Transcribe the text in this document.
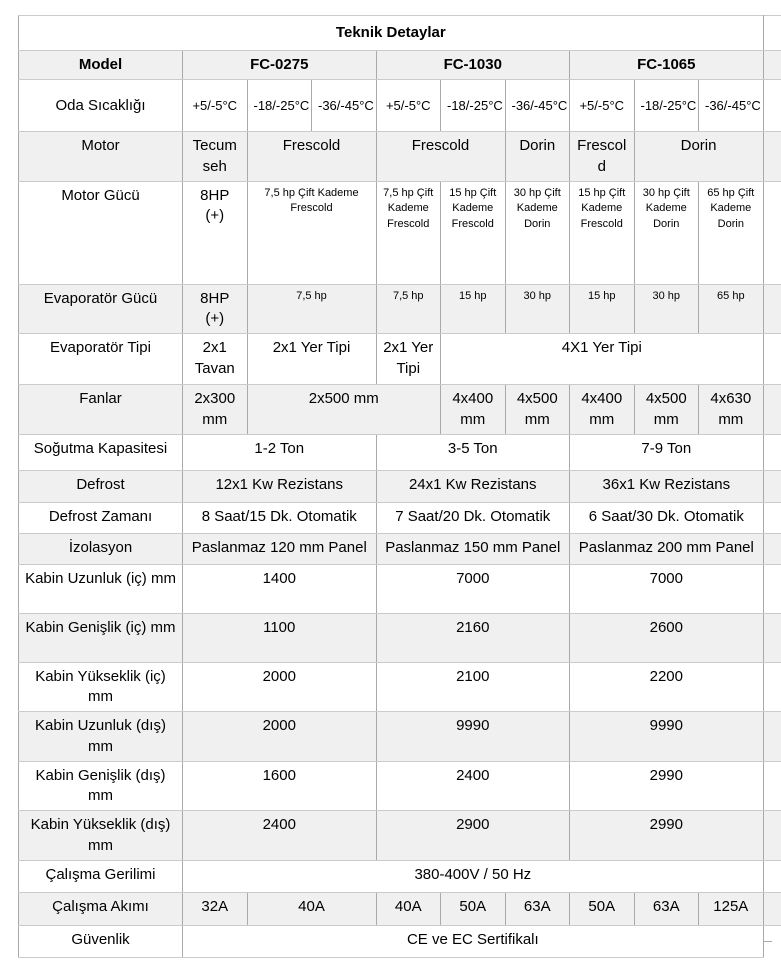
Teknik Detaylar										
Model	FC-0275			FC-1030			FC-1065			
Oda Sıcaklığı	+5/-5°C	-18/-25°C	-36/-45°C	+5/-5°C	-18/-25°C	-36/-45°C	+5/-5°C	-18/-25°C	-36/-45°C	
Motor	Tecumseh	Frescold		Frescold		Dorin	Frescold	Dorin		
Motor Gücü	8HP (+)	7,5 hp Çift Kademe Frescold		7,5 hp Çift Kademe Frescold	15 hp Çift Kademe Frescold	30 hp Çift Kademe Dorin	15 hp Çift Kademe Frescold	30 hp Çift Kademe Dorin	65 hp Çift Kademe Dorin	
Evaporatör Gücü	8HP (+)	7,5 hp		7,5 hp	15 hp	30 hp	15 hp	30 hp	65 hp	
Evaporatör Tipi	2x1 Tavan	2x1 Yer Tipi		2x1 Yer Tipi	4X1 Yer Tipi					
Fanlar	2x300 mm	2x500 mm			4x400 mm	4x500 mm	4x400 mm	4x500 mm	4x630 mm	
Soğutma Kapasitesi	1-2 Ton			3-5 Ton			7-9 Ton			
Defrost	12x1 Kw Rezistans			24x1 Kw Rezistans			36x1 Kw Rezistans			
Defrost Zamanı	8 Saat/15 Dk. Otomatik			7 Saat/20 Dk. Otomatik			6 Saat/30 Dk. Otomatik			
İzolasyon	Paslanmaz 120 mm Panel			Paslanmaz 150 mm Panel			Paslanmaz 200 mm Panel			
Kabin Uzunluk (iç) mm	1400			7000			7000			
Kabin Genişlik (iç) mm	1100			2160			2600			
Kabin Yükseklik (iç) mm	2000			2100			2200			
Kabin Uzunluk (dış) mm	2000			9990			9990			
Kabin Genişlik (dış) mm	1600			2400			2990			
Kabin Yükseklik (dış) mm	2400			2900			2990			
Çalışma Gerilimi	380-400V / 50 Hz									
Çalışma Akımı	32A	40A		40A	50A	63A	50A	63A	125A	
Güvenlik	CE ve EC Sertifikalı									
